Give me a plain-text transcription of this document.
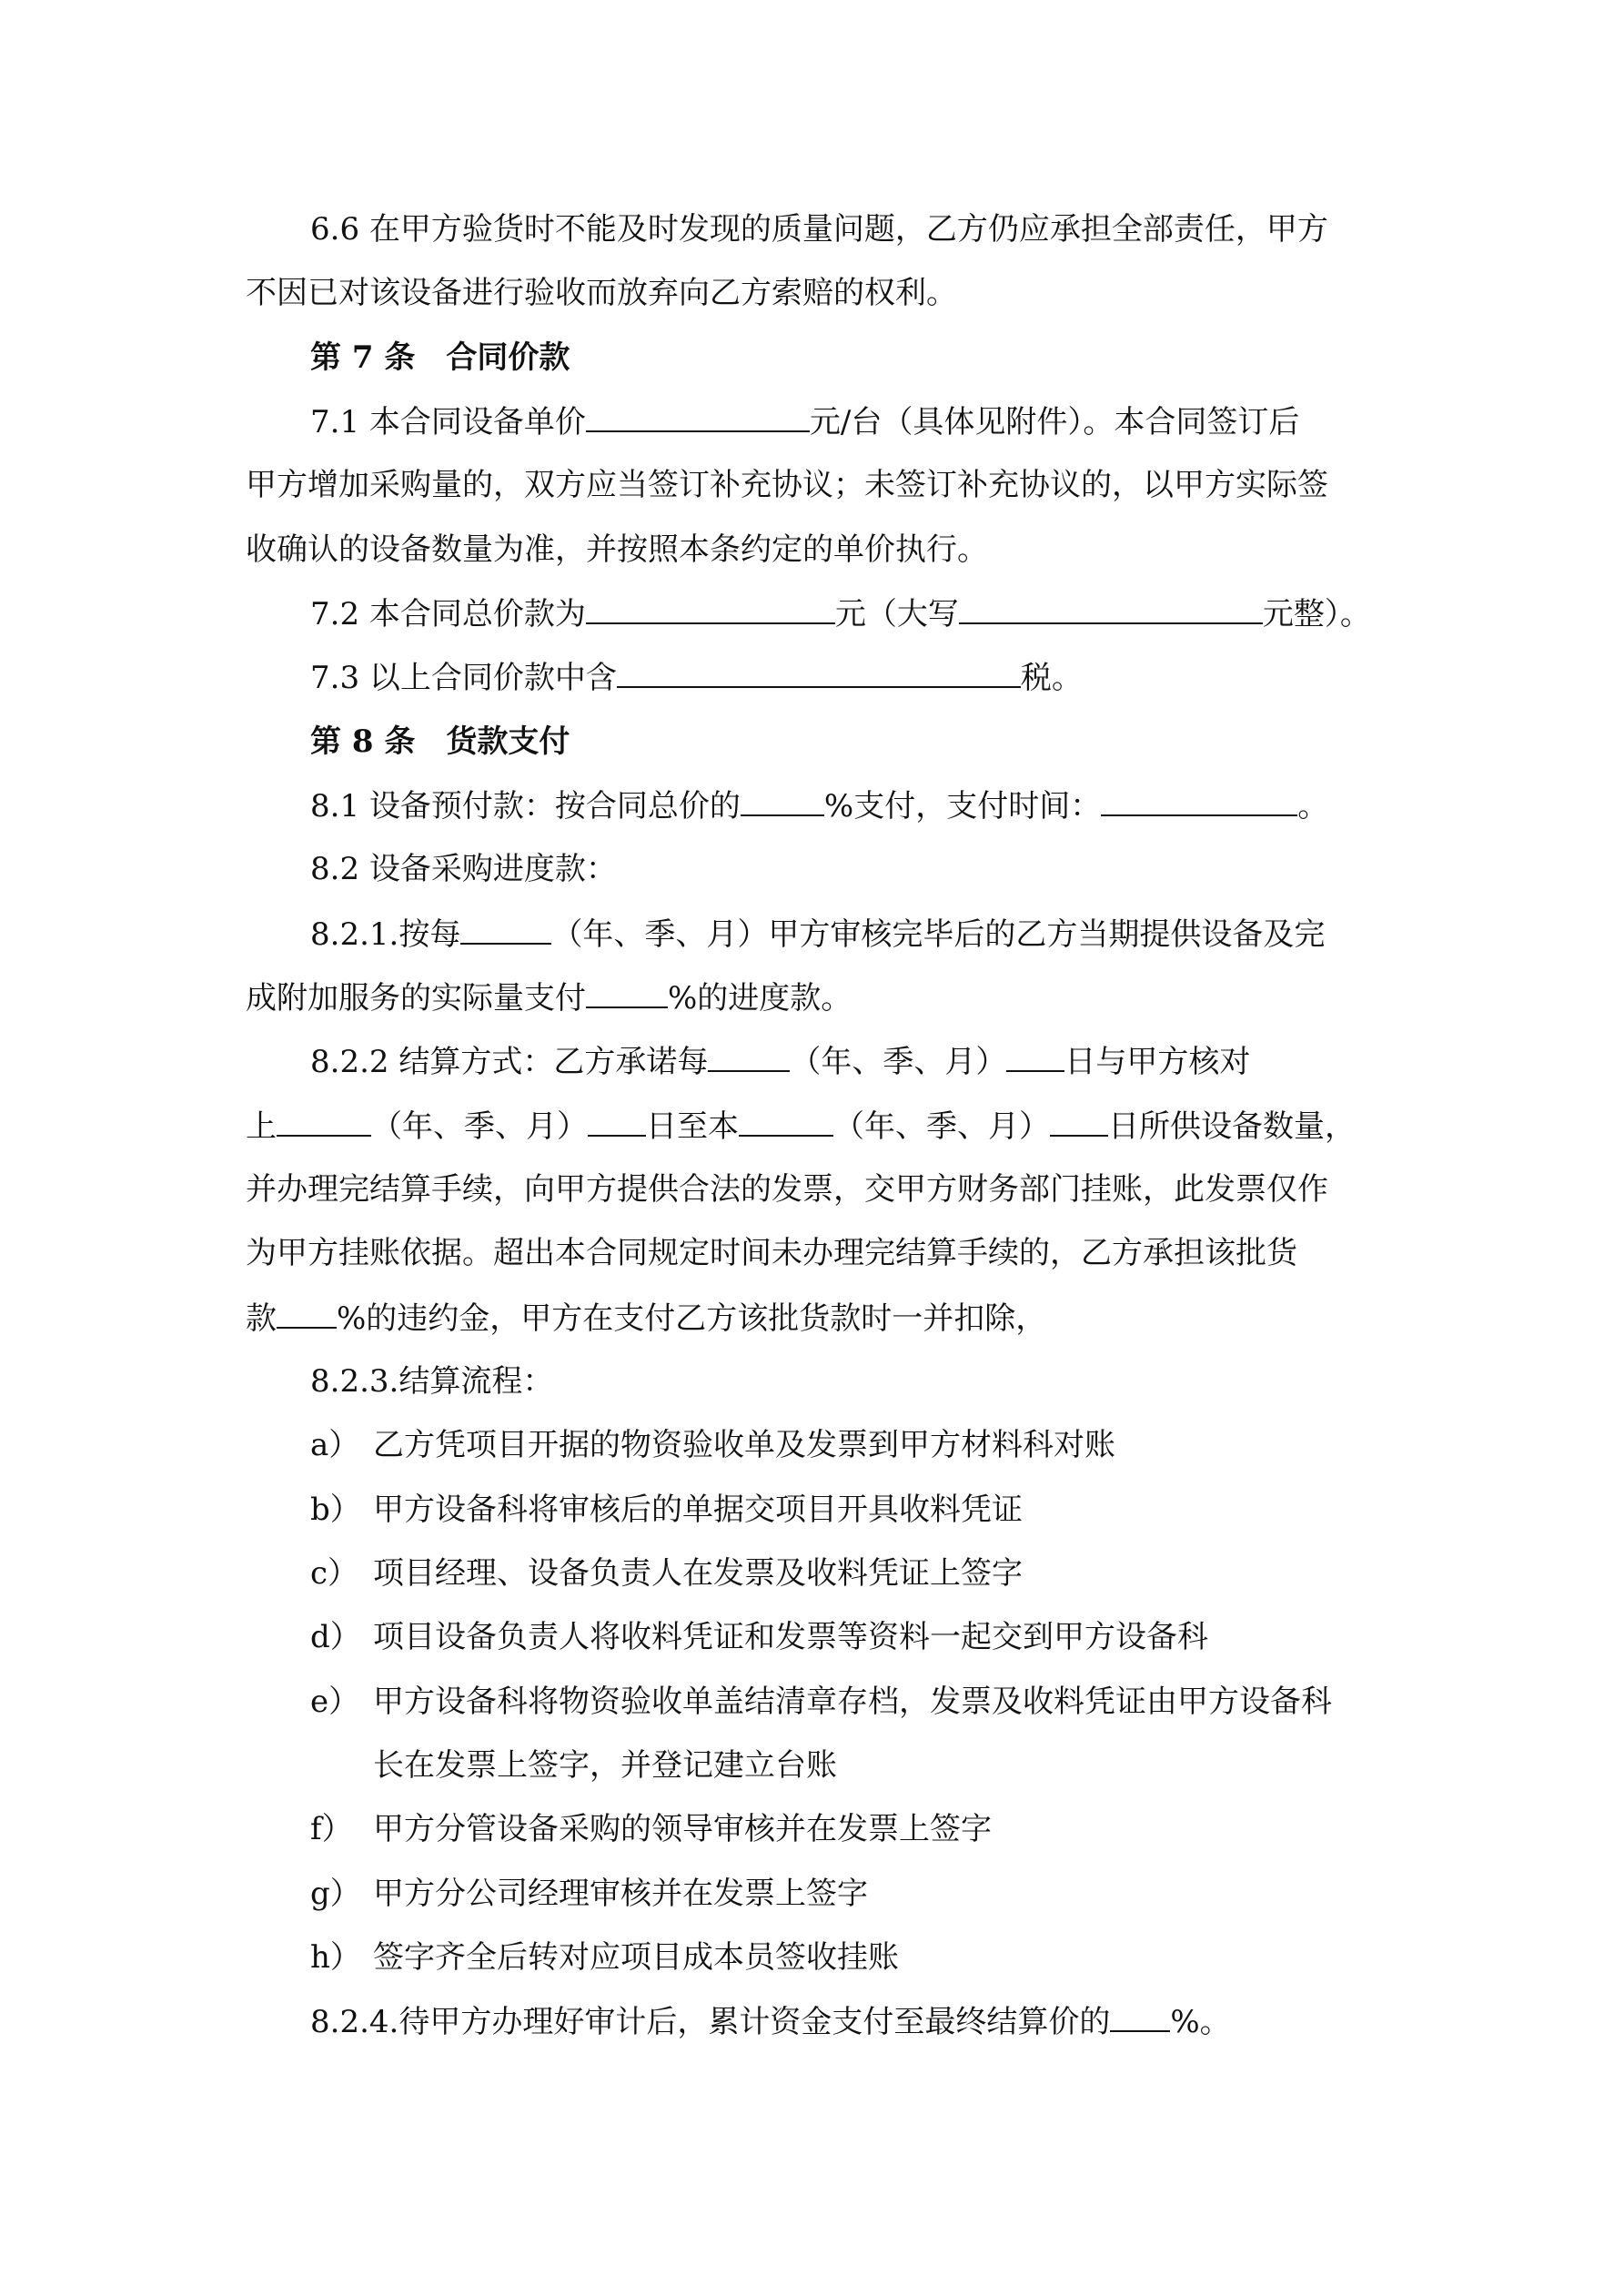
6.6 在甲方验货时不能及时发现的质量问题，乙方仍应承担全部责任，甲方

不因已对该设备进行验收而放弃向乙方索赔的权利。

第 7 条　合同价款

7.1 本合同设备单价	元/台（具体见附件）。本合同签订后

甲方增加采购量的，双方应当签订补充协议；未签订补充协议的，以甲方实际签

收确认的设备数量为准，并按照本条约定的单价执行。

7.2 本合同总价款为	元（大写	元整）。

7.3 以上合同价款中含	税。

第 8 条　货款支付

8.1 设备预付款：按合同总价的	%支付，支付时间：	。

8.2 设备采购进度款：

8.2.1.按每	（年、季、月）甲方审核完毕后的乙方当期提供设备及完

成附加服务的实际量支付	%的进度款。

8.2.2 结算方式：乙方承诺每	（年、季、月） 日与甲方核对

上	（年、季、月） 日至本	（年、季、月） 日所供设备数量，

并办理完结算手续，向甲方提供合法的发票，交甲方财务部门挂账，此发票仅作

为甲方挂账依据。超出本合同规定时间未办理完结算手续的，乙方承担该批货

款 %的违约金，甲方在支付乙方该批货款时一并扣除，

8.2.3.结算流程：

a） 乙方凭项目开据的物资验收单及发票到甲方材料科对账

b） 甲方设备科将审核后的单据交项目开具收料凭证

c） 项目经理、设备负责人在发票及收料凭证上签字

d） 项目设备负责人将收料凭证和发票等资料一起交到甲方设备科

e） 甲方设备科将物资验收单盖结清章存档，发票及收料凭证由甲方设备科

长在发票上签字，并登记建立台账

f） 甲方分管设备采购的领导审核并在发票上签字

g） 甲方分公司经理审核并在发票上签字

h） 签字齐全后转对应项目成本员签收挂账

8.2.4.待甲方办理好审计后，累计资金支付至最终结算价的 %。
